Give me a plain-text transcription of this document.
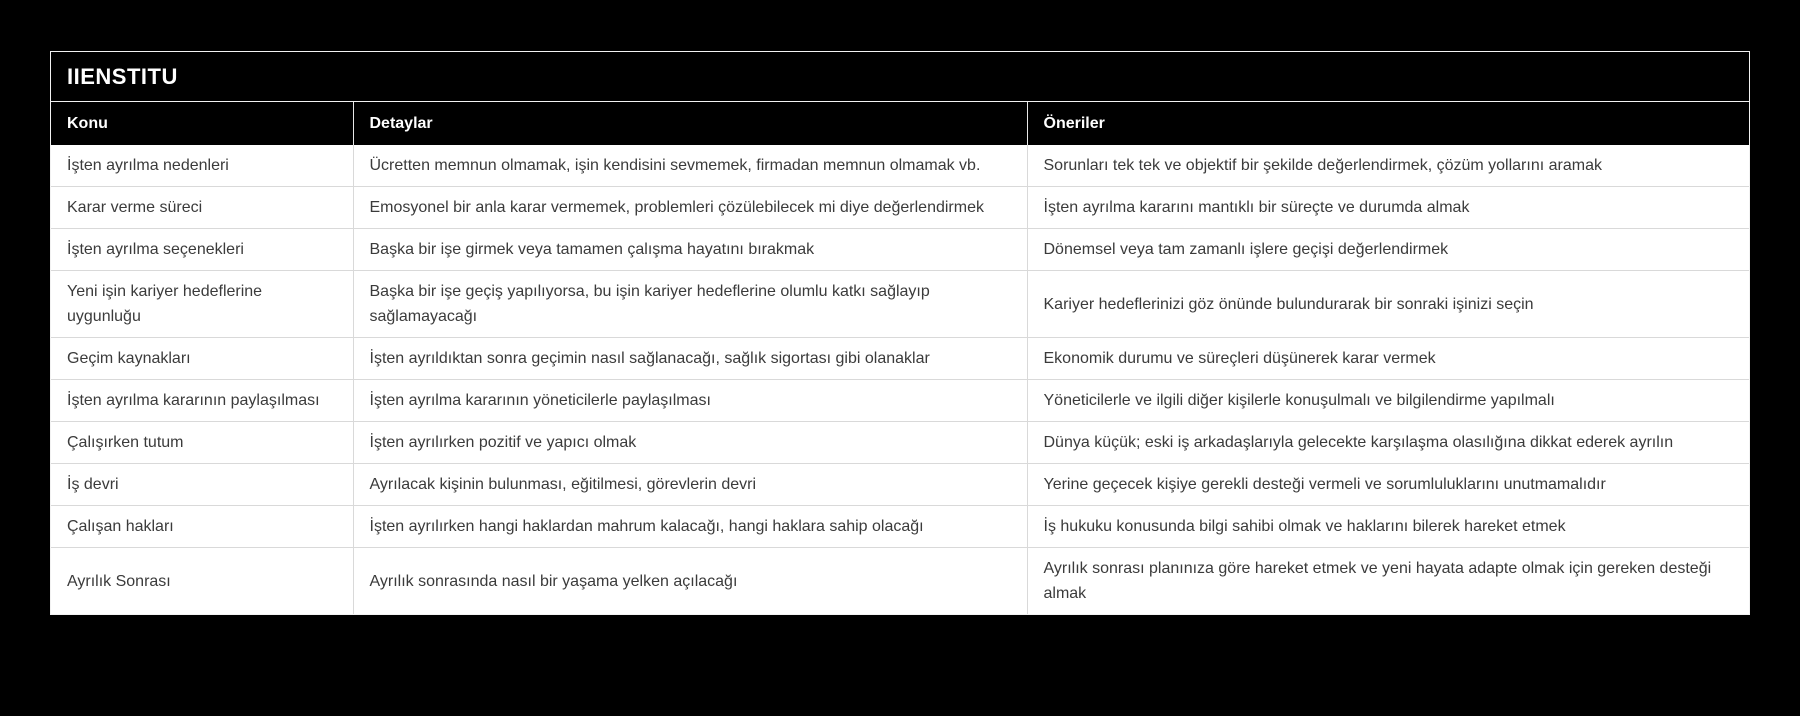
IIENSTITU
Konu	Detaylar	Öneriler
İşten ayrılma nedenleri	Ücretten memnun olmamak, işin kendisini sevmemek, firmadan memnun olmamak vb.	Sorunları tek tek ve objektif bir şekilde değerlendirmek, çözüm yollarını aramak
Karar verme süreci	Emosyonel bir anla karar vermemek, problemleri çözülebilecek mi diye değerlendirmek	İşten ayrılma kararını mantıklı bir süreçte ve durumda almak
İşten ayrılma seçenekleri	Başka bir işe girmek veya tamamen çalışma hayatını bırakmak	Dönemsel veya tam zamanlı işlere geçişi değerlendirmek
Yeni işin kariyer hedeflerine uygunluğu	Başka bir işe geçiş yapılıyorsa, bu işin kariyer hedeflerine olumlu katkı sağlayıp sağlamayacağı	Kariyer hedeflerinizi göz önünde bulundurarak bir sonraki işinizi seçin
Geçim kaynakları	İşten ayrıldıktan sonra geçimin nasıl sağlanacağı, sağlık sigortası gibi olanaklar	Ekonomik durumu ve süreçleri düşünerek karar vermek
İşten ayrılma kararının paylaşılması	İşten ayrılma kararının yöneticilerle paylaşılması	Yöneticilerle ve ilgili diğer kişilerle konuşulmalı ve bilgilendirme yapılmalı
Çalışırken tutum	İşten ayrılırken pozitif ve yapıcı olmak	Dünya küçük; eski iş arkadaşlarıyla gelecekte karşılaşma olasılığına dikkat ederek ayrılın
İş devri	Ayrılacak kişinin bulunması, eğitilmesi, görevlerin devri	Yerine geçecek kişiye gerekli desteği vermeli ve sorumluluklarını unutmamalıdır
Çalışan hakları	İşten ayrılırken hangi haklardan mahrum kalacağı, hangi haklara sahip olacağı	İş hukuku konusunda bilgi sahibi olmak ve haklarını bilerek hareket etmek
Ayrılık Sonrası	Ayrılık sonrasında nasıl bir yaşama yelken açılacağı	Ayrılık sonrası planınıza göre hareket etmek ve yeni hayata adapte olmak için gereken desteği almak
